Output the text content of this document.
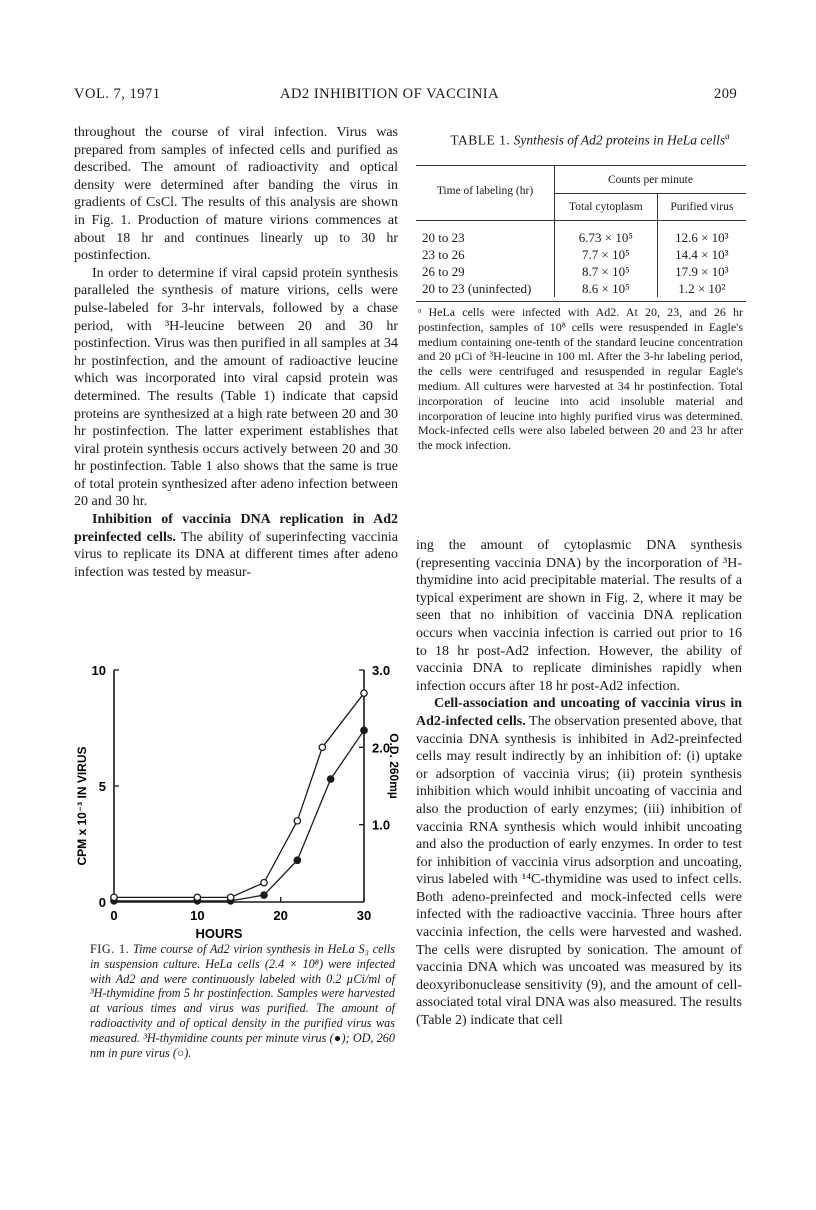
VOL. 7, 1971	AD2 INHIBITION OF VACCINIA	209

throughout the course of viral infection. Virus was prepared from samples of infected cells and purified as described. The amount of radioactivity and optical density were determined after banding the virus in gradients of CsCl. The results of this analysis are shown in Fig. 1. Production of mature virions commences at about 18 hr and continues linearly up to 30 hr postinfection.

In order to determine if viral capsid protein synthesis paralleled the synthesis of mature virions, cells were pulse-labeled for 3-hr intervals, followed by a chase period, with ³H-leucine between 20 and 30 hr postinfection. Virus was then purified in all samples at 34 hr postinfection, and the amount of radioactive leucine which was incorporated into viral capsid protein was determined. The results (Table 1) indicate that capsid proteins are synthesized at a high rate between 20 and 30 hr postinfection. The latter experiment establishes that viral protein synthesis occurs actively between 20 and 30 hr postinfection. Table 1 also shows that the same is true of total protein synthesized after adeno infection between 20 and 30 hr.

Inhibition of vaccinia DNA replication in Ad2 preinfected cells. The ability of superinfecting vaccinia virus to replicate its DNA at different times after adeno infection was tested by measur-

TABLE 1. Synthesis of Ad2 proteins in HeLa cells$^a$
Time of labeling (hr)	Counts per minute	
	Total cytoplasm	Purified virus
20 to 23	6.73 × 10⁵	12.6 × 10³
23 to 26	7.7 × 10⁵	14.4 × 10³
26 to 29	8.7 × 10⁵	17.9 × 10³
20 to 23 (uninfected)	8.6 × 10⁵	1.2 × 10²

ᵃ HeLa cells were infected with Ad2. At 20, 23, and 26 hr postinfection, samples of 10⁸ cells were resuspended in Eagle's medium containing one-tenth of the standard leucine concentration and 20 µCi of ³H-leucine in 100 ml. After the 3-hr labeling period, the cells were centrifuged and resuspended in regular Eagle's medium. All cultures were harvested at 34 hr postinfection. Total incorporation of leucine into acid insoluble material and incorporation of leucine into highly purified virus was determined. Mock-infected cells were also labeled between 20 and 23 hr after the mock infection.

ing the amount of cytoplasmic DNA synthesis (representing vaccinia DNA) by the incorporation of ³H-thymidine into acid precipitable material. The results of a typical experiment are shown in Fig. 2, where it may be seen that no inhibition of vaccinia DNA replication occurs when vaccinia infection is carried out prior to 16 to 18 hr post-Ad2 infection. However, the ability of vaccinia DNA to replicate diminishes rapidly when infection occurs after 18 hr post-Ad2 infection.

Cell-association and uncoating of vaccinia virus in Ad2-infected cells. The observation presented above, that vaccinia DNA synthesis is inhibited in Ad2-preinfected cells may result indirectly by an inhibition of: (i) uptake or adsorption of vaccinia virus; (ii) protein synthesis inhibition which would inhibit uncoating of vaccinia and also the production of early enzymes; (iii) inhibition of vaccinia RNA synthesis which would inhibit uncoating and also the production of early enzymes. In order to test for inhibition of vaccinia virus adsorption and uncoating, virus labeled with ¹⁴C-thymidine was used to infect cells. Both adeno-preinfected and mock-infected cells were infected with the radioactive vaccinia. Three hours after vaccinia infection, the cells were harvested and washed. The cells were disrupted by sonication. The amount of vaccinia DNA which was uncoated was measured by its deoxyribonuclease sensitivity (9), and the amount of cell-associated total viral DNA was also measured. The results (Table 2) indicate that cell

0	10	20	30
0
5
10
1.0
2.0
3.0
HOURS
CPM x 10⁻³ IN VIRUS	O.D. 260mµ
FIG. 1. Time course of Ad2 virion synthesis in HeLa S₃ cells in suspension culture. HeLa cells (2.4 × 10⁸) were infected with Ad2 and were continuously labeled with 0.2 µCi/ml of ³H-thymidine from 5 hr postinfection. Samples were harvested at various times and virus was purified. The amount of radioactivity and of optical density in the purified virus was measured. ³H-thymidine counts per minute virus (●); OD, 260 nm in pure virus (○).
